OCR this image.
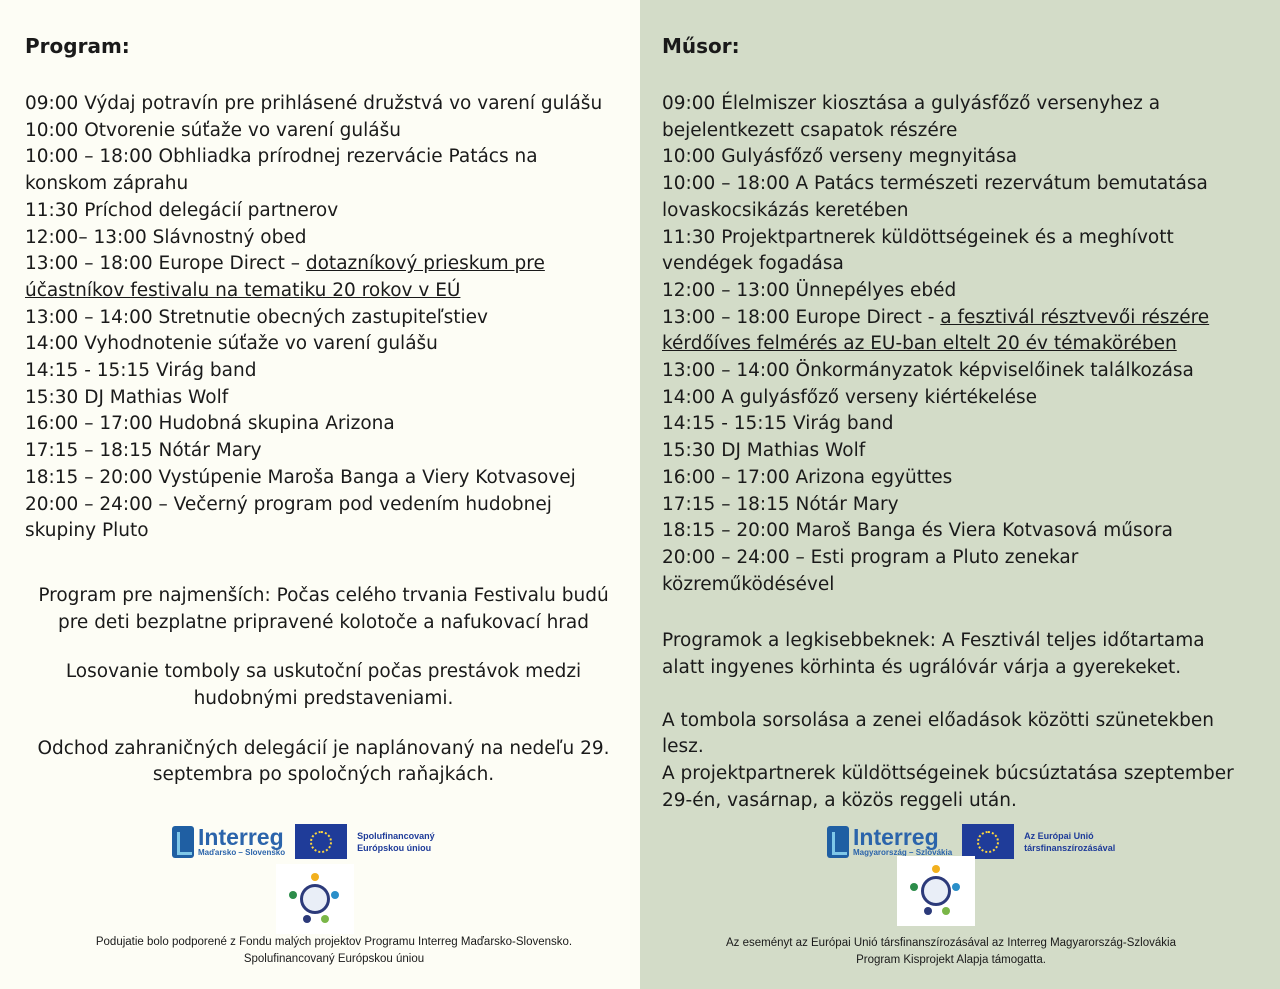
Program:
09:00 Výdaj potravín pre prihlásené družstvá vo varení gulášu
10:00 Otvorenie súťaže vo varení gulášu
10:00 – 18:00 Obhliadka prírodnej rezervácie Patács na konskom záprahu
11:30 Príchod delegácií partnerov
12:00– 13:00 Slávnostný obed
13:00 – 18:00 Europe Direct – dotazníkový prieskum pre účastníkov festivalu na tematiku 20 rokov v EÚ
13:00 – 14:00 Stretnutie obecných zastupiteľstiev
14:00 Vyhodnotenie súťaže vo varení gulášu
14:15 - 15:15 Virág band
15:30 DJ Mathias Wolf
16:00 – 17:00 Hudobná skupina Arizona
17:15 – 18:15 Nótár Mary
18:15 – 20:00 Vystúpenie Maroša Banga a Viery Kotvasovej
20:00 – 24:00 – Večerný program pod vedením hudobnej skupiny Pluto
Program pre najmenších: Počas celého trvania Festivalu budú pre deti bezplatne pripravené kolotoče a nafukovací hrad
Losovanie tomboly sa uskutoční počas prestávok medzi hudobnými predstaveniami.
Odchod zahraničných delegácií je naplánovaný na nedeľu 29. septembra po spoločných raňajkách.
Interreg
Maďarsko – Slovensko
Spolufinancovaný
Európskou úniou
Podujatie bolo podporené z Fondu malých projektov Programu Interreg Maďarsko-Slovensko.
Spolufinancovaný Európskou úniou
Műsor:
09:00 Élelmiszer kiosztása a gulyásfőző versenyhez a bejelentkezett csapatok részére
10:00 Gulyásfőző verseny megnyitása
10:00 – 18:00 A Patács természeti rezervátum bemutatása lovaskocsikázás keretében
11:30 Projektpartnerek küldöttségeinek és a meghívott vendégek fogadása
12:00 – 13:00 Ünnepélyes ebéd
13:00 – 18:00 Europe Direct - a fesztivál résztvevői részére kérdőíves felmérés az EU-ban eltelt 20 év témakörében
13:00 – 14:00 Önkormányzatok képviselőinek találkozása
14:00 A gulyásfőző verseny kiértékelése
14:15 - 15:15 Virág band
15:30 DJ Mathias Wolf
16:00 – 17:00 Arizona együttes
17:15 – 18:15 Nótár Mary
18:15 – 20:00 Maroš Banga és Viera Kotvasová műsora
20:00 – 24:00 – Esti program a Pluto zenekar közreműködésével
Programok a legkisebbeknek: A Fesztivál teljes időtartama alatt ingyenes körhinta és ugrálóvár várja a gyerekeket.
A tombola sorsolása a zenei előadások közötti szünetekben lesz.
A projektpartnerek küldöttségeinek búcsúztatása szeptember 29-én, vasárnap, a közös reggeli után.
Interreg
Magyarország – Szlovákia
Az Európai Unió
társfinanszírozásával
Az eseményt az Európai Unió társfinanszírozásával az Interreg Magyarország-Szlovákia
Program Kisprojekt Alapja támogatta.
